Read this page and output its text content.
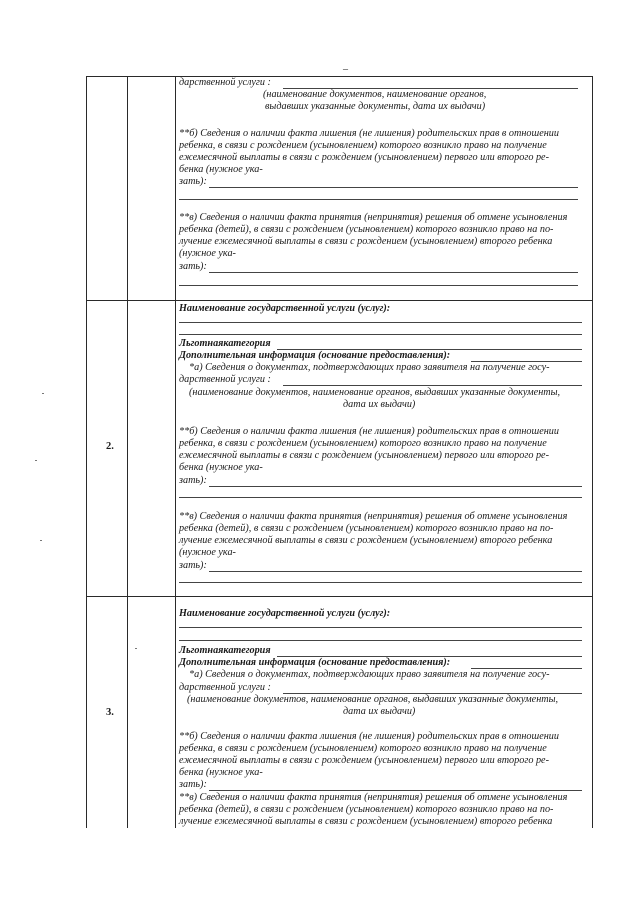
_
дарственной услуги :
(наименование документов, наименование органов,
выдавших указанные документы, дата их выдачи)
**б) Сведения о наличии факта лишения (не лишения) родительских прав в отношении
ребенка, в связи с рождением (усыновлением) которого возникло право на получение
ежемесячной выплаты в связи с рождением (усыновлением) первого или второго ре-
бенка (нужное ука-
зать):
**в) Сведения о наличии факта принятия (непринятия) решения об отмене усыновления
ребенка (детей), в связи с рождением (усыновлением) которого возникло право на по-
лучение ежемесячной выплаты в связи с рождением (усыновлением) второго ребенка
(нужное ука-
зать):
2.
Наименование государственной услуги (услуг):
Льготнаякатегория
Дополнительная информация (основание предоставления):
*а) Сведения о документах, подтверждающих право заявителя на получение госу-
дарственной услуги :
(наименование документов, наименование органов, выдавших указанные документы,
дата их выдачи)
**б) Сведения о наличии факта лишения (не лишения) родительских прав в отношении
ребенка, в связи с рождением (усыновлением) которого возникло право на получение
ежемесячной выплаты в связи с рождением (усыновлением) первого или второго ре-
бенка (нужное ука-
зать):
**в) Сведения о наличии факта принятия (непринятия) решения об отмене усыновления
ребенка (детей), в связи с рождением (усыновлением) которого возникло право на по-
лучение ежемесячной выплаты в связи с рождением (усыновлением) второго ребенка
(нужное ука-
зать):
3.
Наименование государственной услуги (услуг):
Льготнаякатегория
Дополнительная информация (основание предоставления):
*а) Сведения о документах, подтверждающих право заявителя на получение госу-
дарственной услуги :
(наименование документов, наименование органов, выдавших указанные документы,
дата их выдачи)
**б) Сведения о наличии факта лишения (не лишения) родительских прав в отношении
ребенка, в связи с рождением (усыновлением) которого возникло право на получение
ежемесячной выплаты в связи с рождением (усыновлением) первого или второго ре-
бенка (нужное ука-
зать):
**в) Сведения о наличии факта принятия (непринятия) решения об отмене усыновления
ребенка (детей), в связи с рождением (усыновлением) которого возникло право на по-
лучение ежемесячной выплаты в связи с рождением (усыновлением) второго ребенка
